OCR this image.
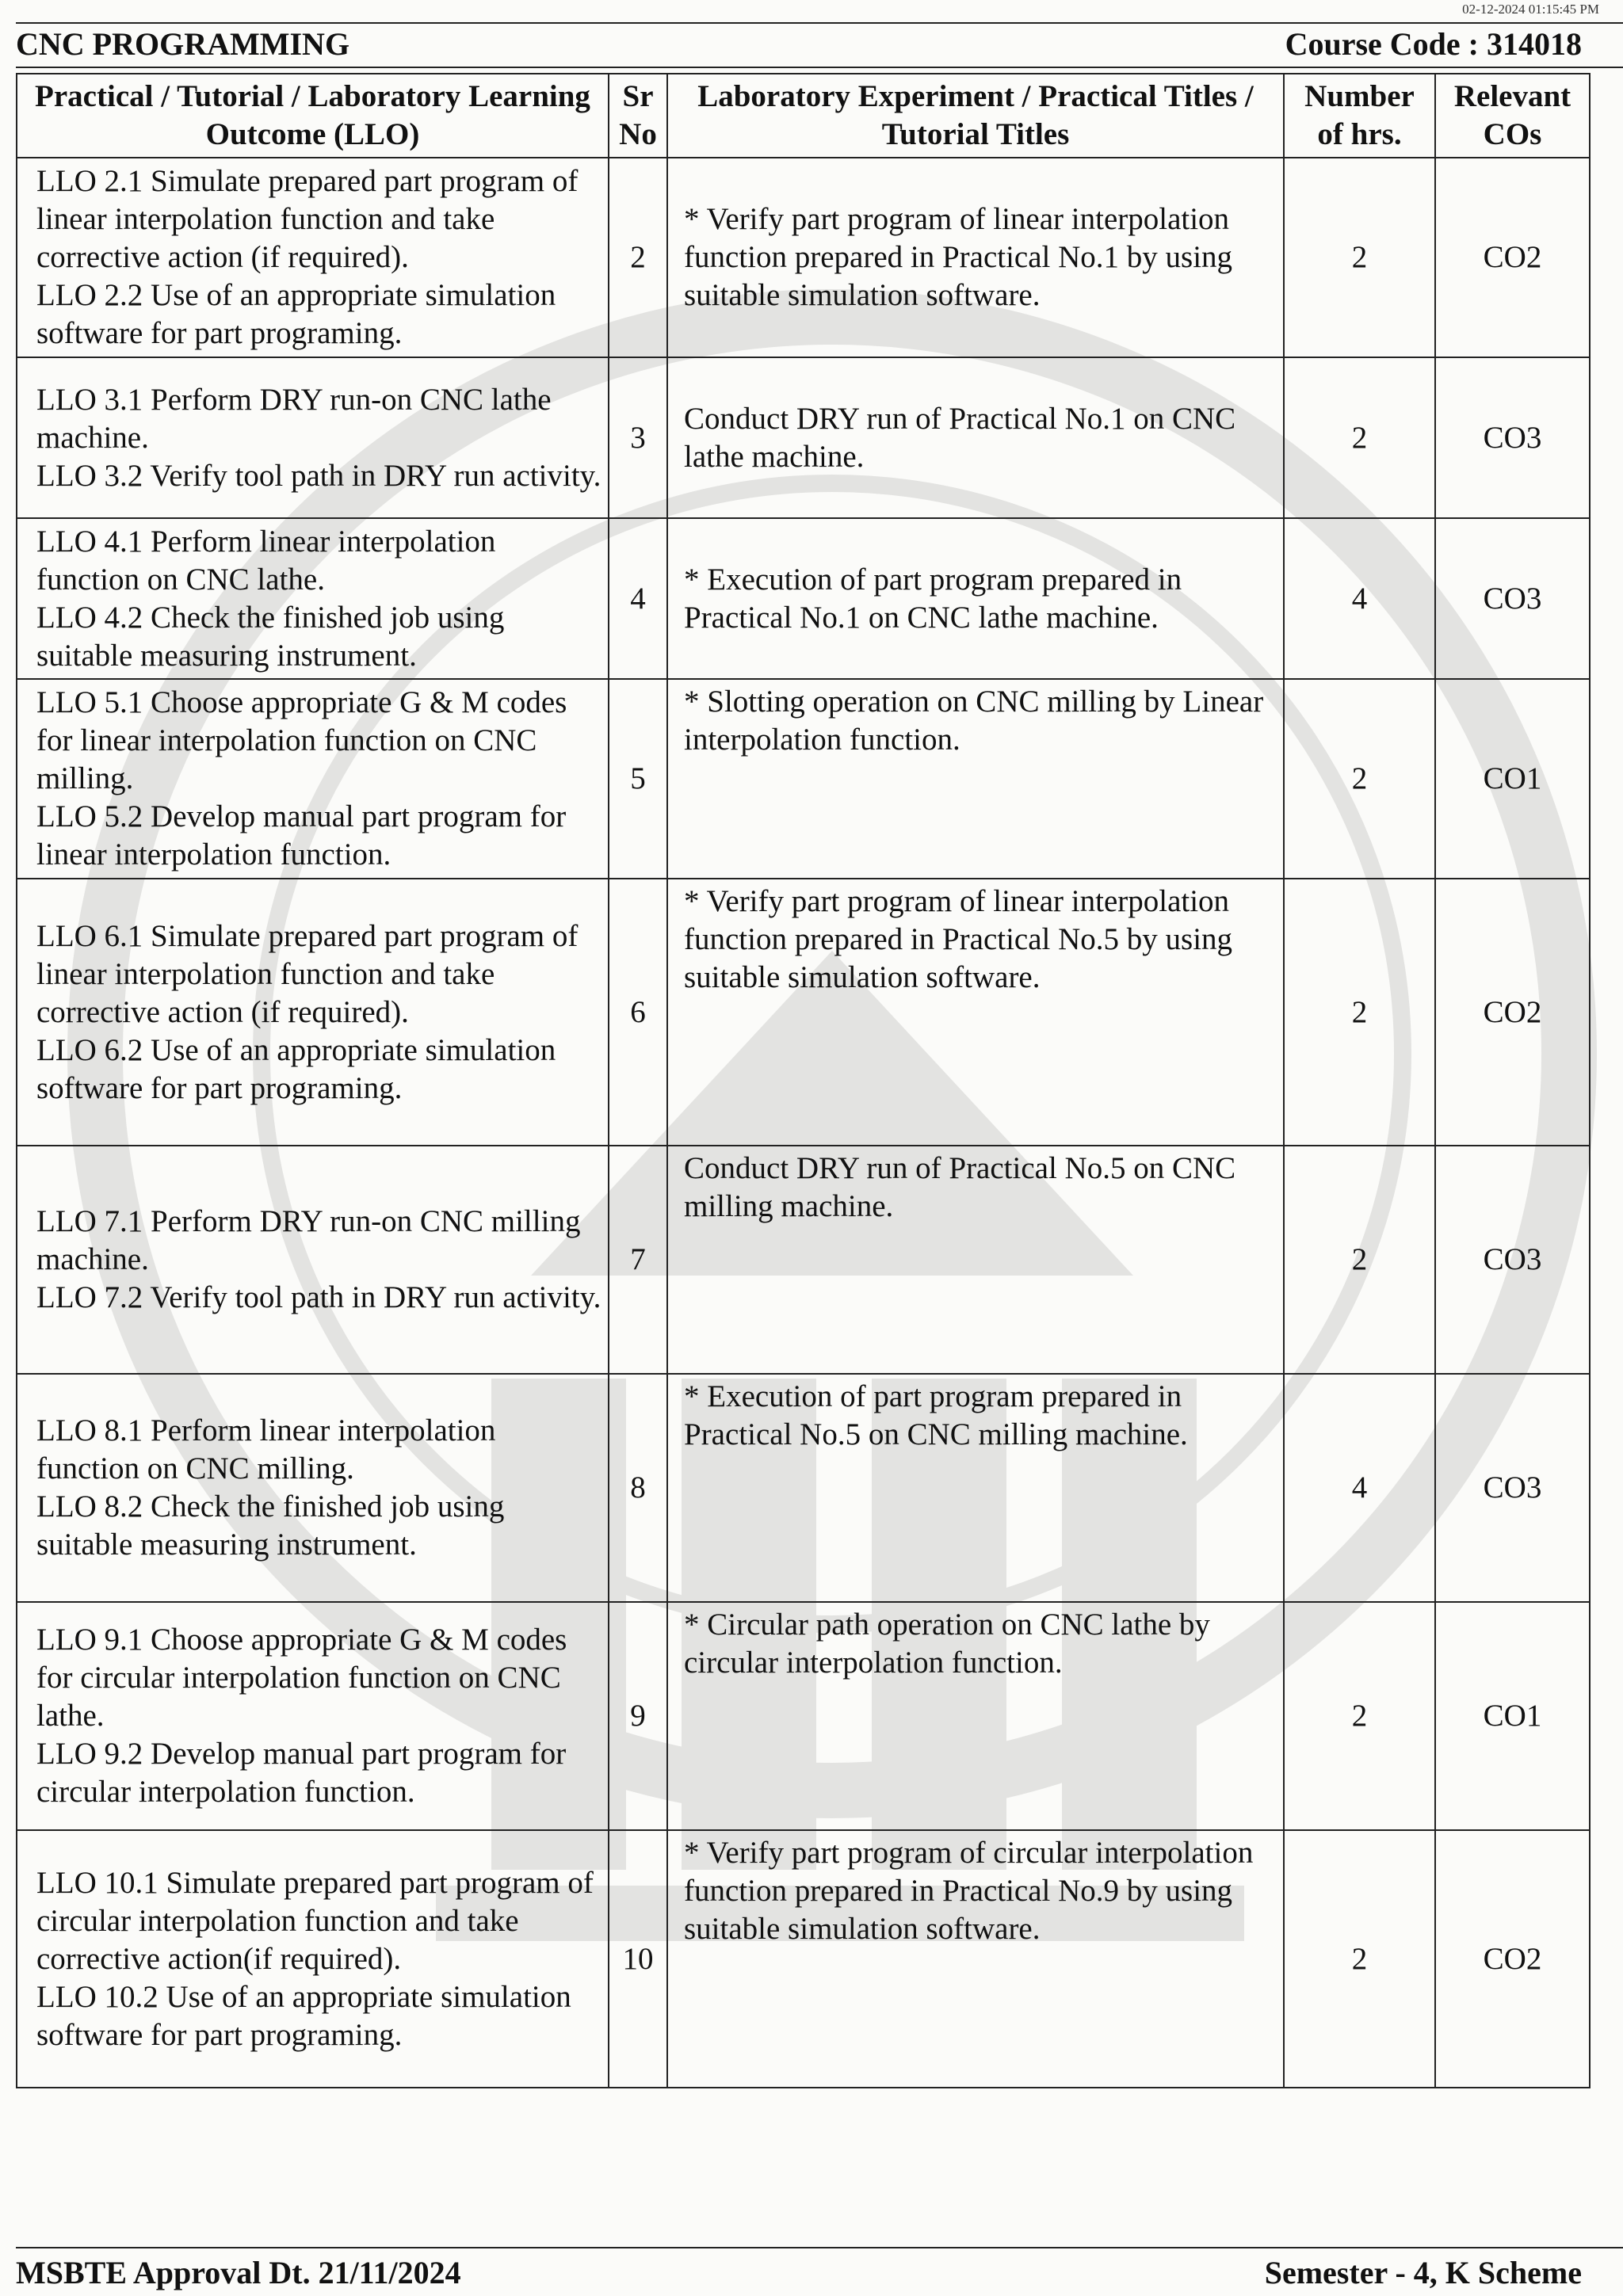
02-12-2024 01:15:45 PM
CNC PROGRAMMING	Course Code : 314018
Practical / Tutorial / Laboratory Learning Outcome (LLO)	Sr No	Laboratory Experiment / Practical Titles / Tutorial Titles	Number of hrs.	Relevant COs

LLO 2.1 Simulate prepared part program of linear interpolation function and take corrective action (if required).
LLO 2.2 Use of an appropriate simulation software for part programing.	2	* Verify part program of linear interpolation function prepared in Practical No.1 by using suitable simulation software.	2	CO2

LLO 3.1 Perform DRY run-on CNC lathe machine.
LLO 3.2 Verify tool path in DRY run activity.	3	Conduct DRY run of Practical No.1 on CNC lathe machine.	2	CO3

LLO 4.1 Perform linear interpolation function on CNC lathe.
LLO 4.2 Check the finished job using suitable measuring instrument.	4	* Execution of part program prepared in Practical No.1 on CNC lathe machine.	4	CO3

LLO 5.1 Choose appropriate G & M codes for linear interpolation function on CNC milling.
LLO 5.2 Develop manual part program for linear interpolation function.	5	* Slotting operation on CNC milling by Linear interpolation function.	2	CO1

LLO 6.1 Simulate prepared part program of linear interpolation function and take corrective action (if required).
LLO 6.2 Use of an appropriate simulation software for part programing.	6	* Verify part program of linear interpolation function prepared in Practical No.5 by using suitable simulation software.	2	CO2

LLO 7.1 Perform DRY run-on CNC milling machine.
LLO 7.2 Verify tool path in DRY run activity.	7	Conduct DRY run of Practical No.5 on CNC milling machine.	2	CO3

LLO 8.1 Perform linear interpolation function on CNC milling.
LLO 8.2 Check the finished job using suitable measuring instrument.	8	* Execution of part program prepared in Practical No.5 on CNC milling machine.	4	CO3

LLO 9.1 Choose appropriate G & M codes for circular interpolation function on CNC lathe.
LLO 9.2 Develop manual part program for circular interpolation function.	9	* Circular path operation on CNC lathe by circular interpolation function.	2	CO1

LLO 10.1 Simulate prepared part program of circular interpolation function and take corrective action(if required).
LLO 10.2 Use of an appropriate simulation software for part programing.	10	* Verify part program of circular interpolation function prepared in Practical No.9 by using suitable simulation software.	2	CO2
MSBTE Approval Dt. 21/11/2024	Semester - 4, K Scheme
